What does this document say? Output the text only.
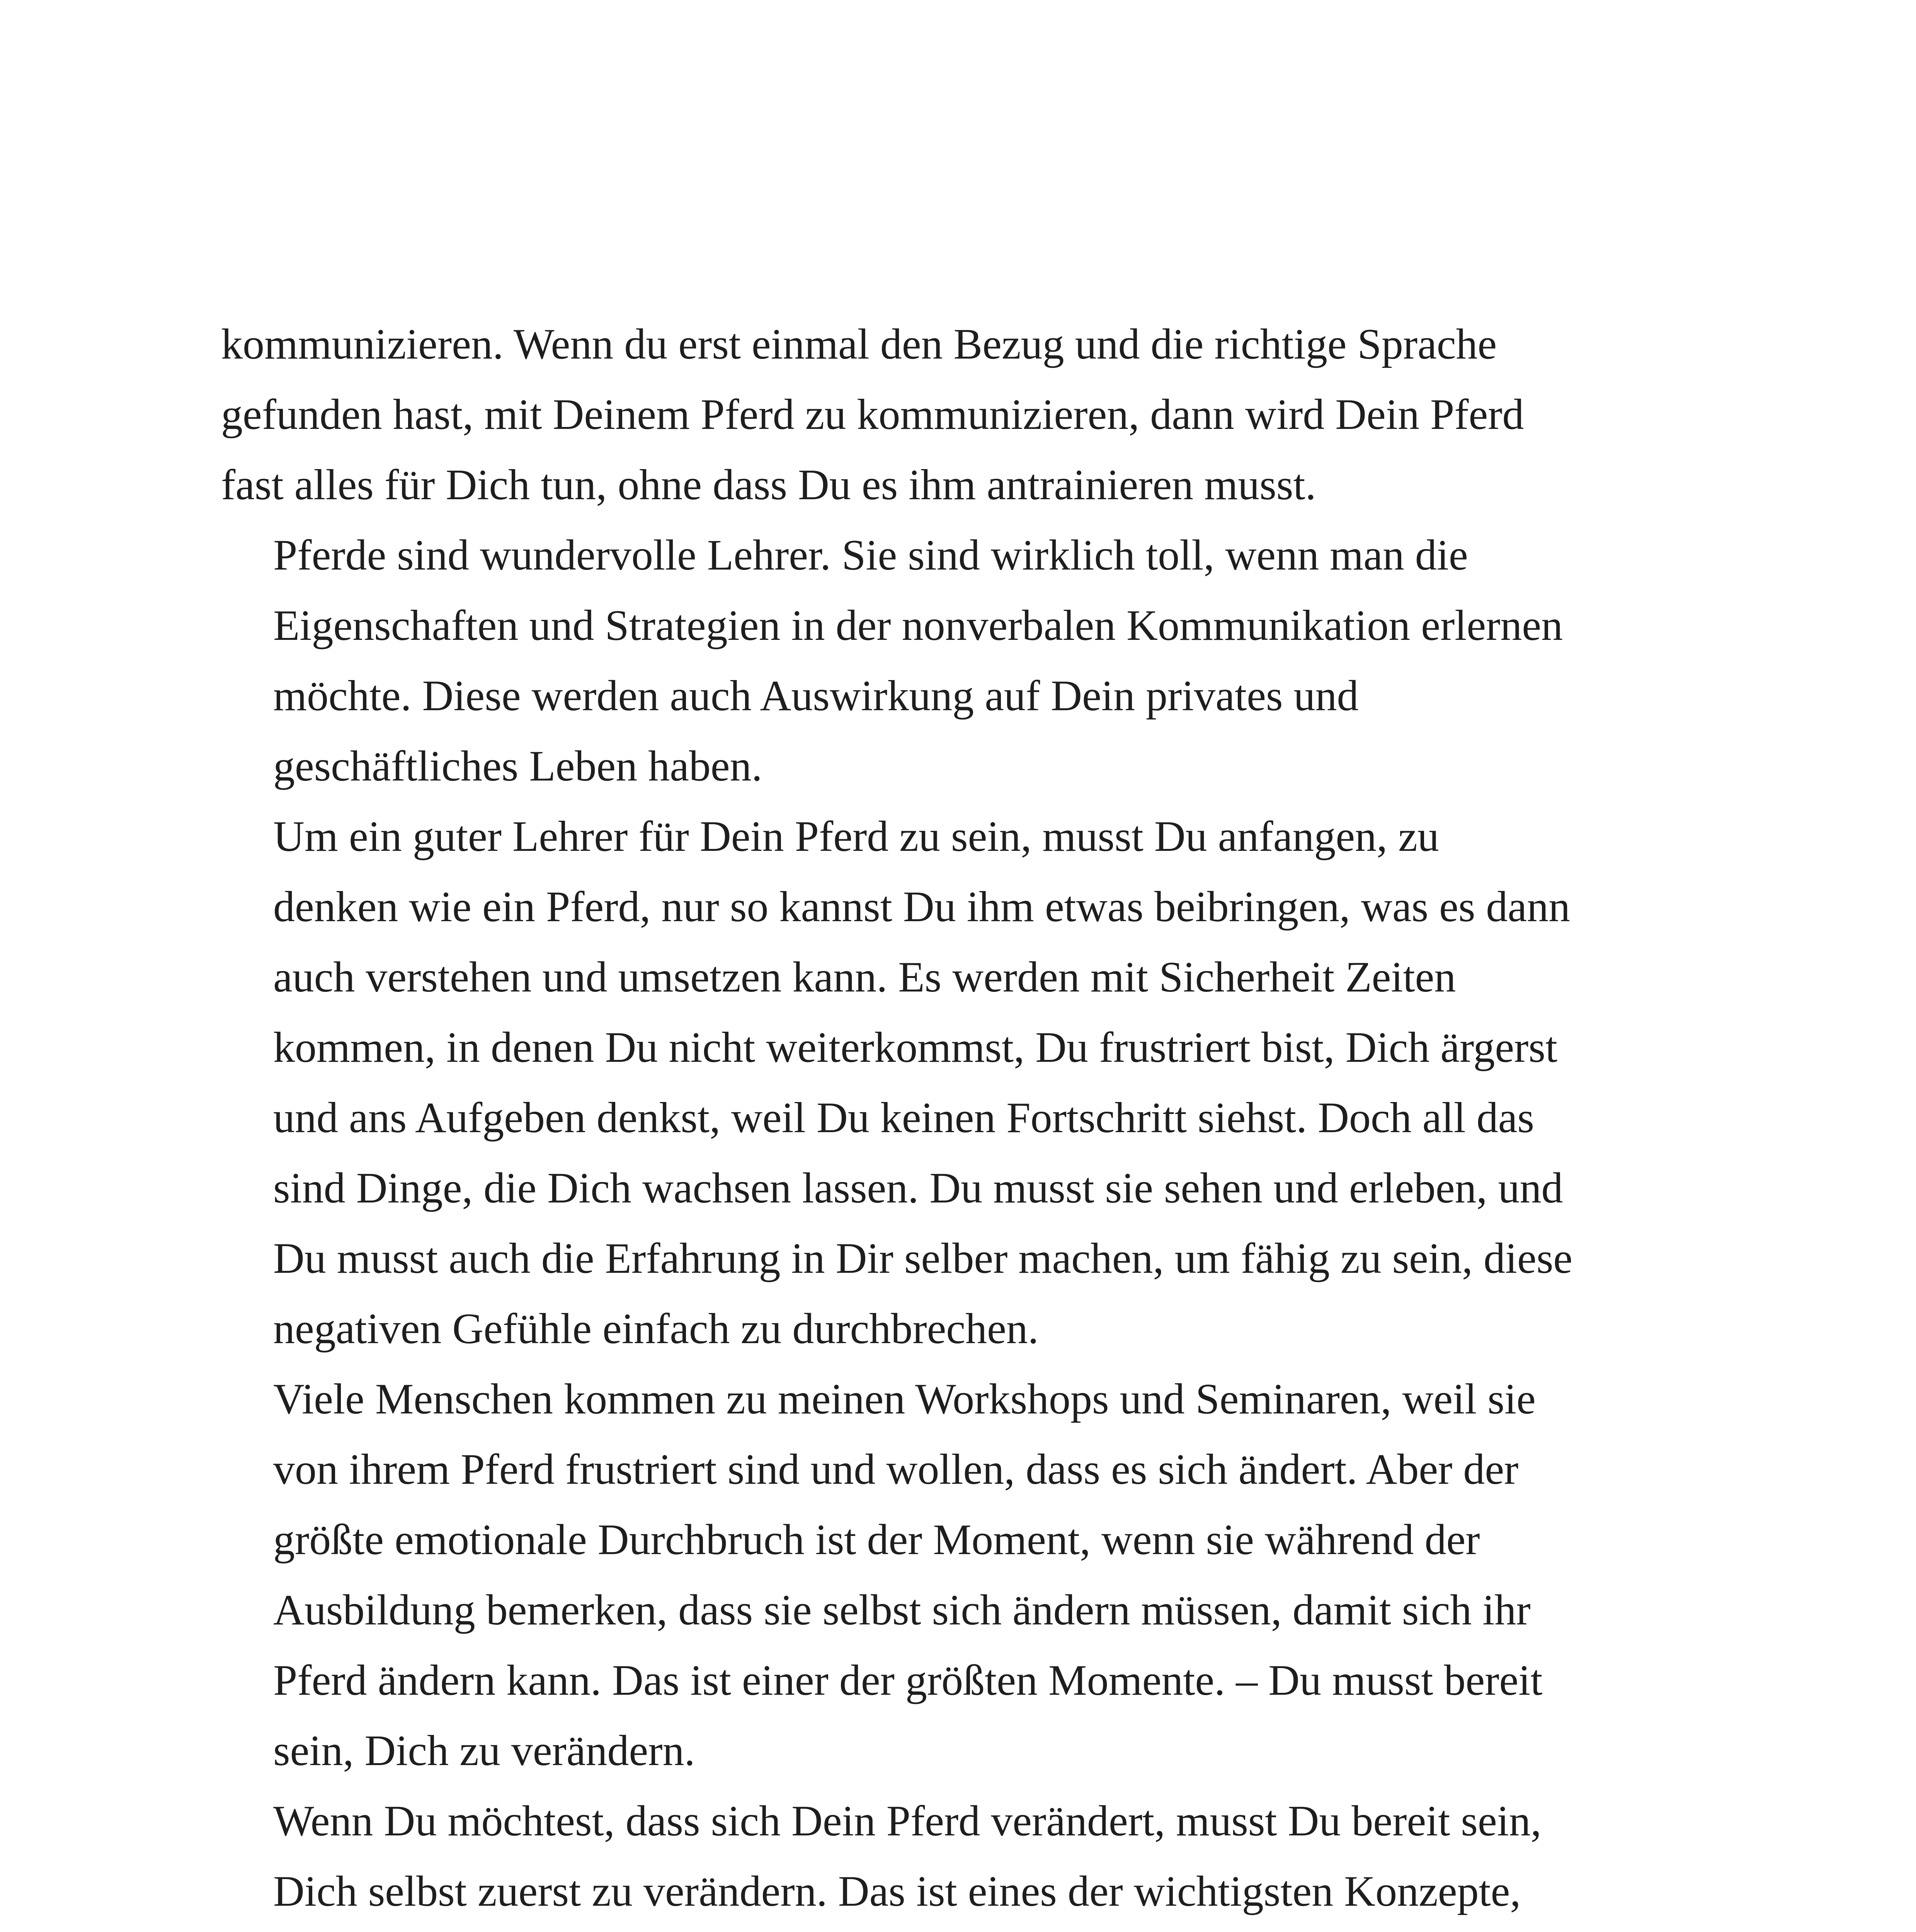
kommunizieren. Wenn du erst einmal den Bezug und die richtige Sprache
gefunden hast, mit Deinem Pferd zu kommunizieren, dann wird Dein Pferd
fast alles für Dich tun, ohne dass Du es ihm antrainieren musst.

Pferde sind wundervolle Lehrer. Sie sind wirklich toll, wenn man die
Eigenschaften und Strategien in der nonverbalen Kommunikation erlernen
möchte. Diese werden auch Auswirkung auf Dein privates und
geschäftliches Leben haben.

Um ein guter Lehrer für Dein Pferd zu sein, musst Du anfangen, zu
denken wie ein Pferd, nur so kannst Du ihm etwas beibringen, was es dann
auch verstehen und umsetzen kann. Es werden mit Sicherheit Zeiten
kommen, in denen Du nicht weiterkommst, Du frustriert bist, Dich ärgerst
und ans Aufgeben denkst, weil Du keinen Fortschritt siehst. Doch all das
sind Dinge, die Dich wachsen lassen. Du musst sie sehen und erleben, und
Du musst auch die Erfahrung in Dir selber machen, um fähig zu sein, diese
negativen Gefühle einfach zu durchbrechen.

Viele Menschen kommen zu meinen Workshops und Seminaren, weil sie
von ihrem Pferd frustriert sind und wollen, dass es sich ändert. Aber der
größte emotionale Durchbruch ist der Moment, wenn sie während der
Ausbildung bemerken, dass sie selbst sich ändern müssen, damit sich ihr
Pferd ändern kann. Das ist einer der größten Momente. – Du musst bereit
sein, Dich zu verändern.

Wenn Du möchtest, dass sich Dein Pferd verändert, musst Du bereit sein,
Dich selbst zuerst zu verändern. Das ist eines der wichtigsten Konzepte,
